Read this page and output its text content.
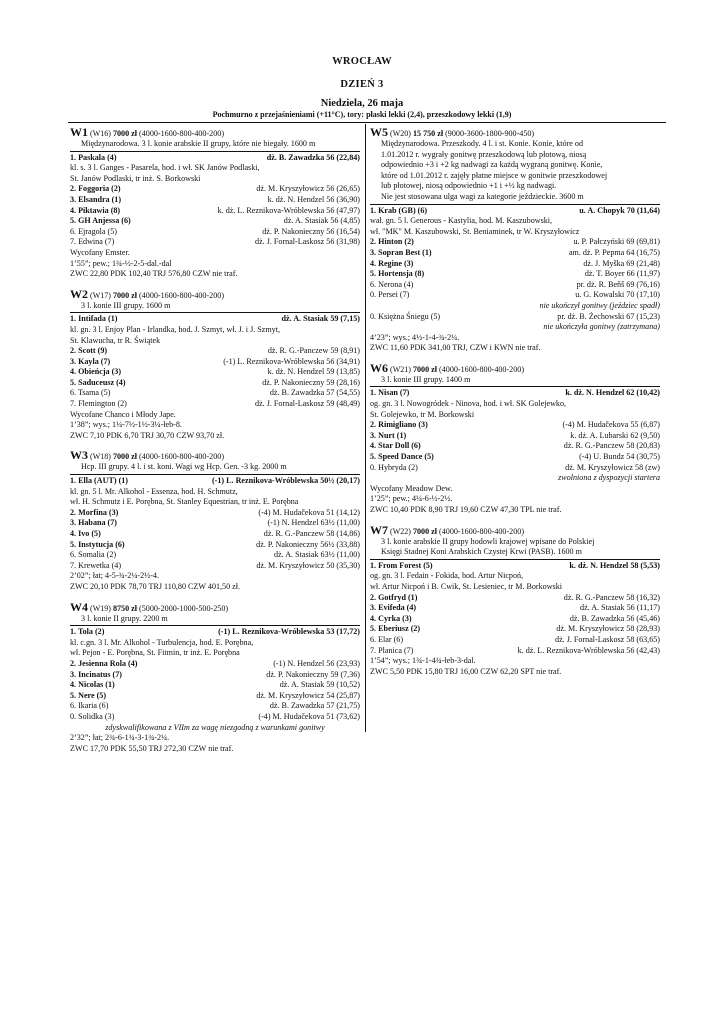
WROCŁAW
DZIEŃ 3
Niedziela, 26 maja
Pochmurno z przejaśnieniami (+11°C), tory: płaski lekki (2,4), przeszkodowy lekki (1,9)
W1 (W16) 7000 zł (4000-1600-800-400-200)
Międzynarodowa. 3 l. konie arabskie II grupy, które nie biegały. 1600 m
1. Paskala (4)	dż. B. Zawadzka 56 (22,84)
kl. s. 3 l. Ganges - Pasarela, hod. i wł. SK Janów Podlaski,
St. Janów Podlaski, tr inż. S. Borkowski
2. Foggoria (2)	dż. M. Kryszyłowicz 56 (26,65)
3. Elsandra (1)	k. dż. N. Hendzel 56 (36,90)
4. Piktawia (8)	k. dż. L. Reznikova-Wróblewska 56 (47,97)
5. GH Anjessa (6)	dż. A. Stasiak 56 (4,85)
6. Ejragola (5)	dż. P. Nakonieczny 56 (16,54)
7. Edwina (7)	dż. J. Fornal-Laskosz 56 (31,98)
Wycofany Emster.
1’55”; pew.; 1¾-½-2-5-dal.-dal
ZWC 22,80 PDK 102,40 TRJ 576,80 CZW nie traf.
W2 (W17) 7000 zł (4000-1600-800-400-200)
3 l. konie III grupy. 1600 m
1. Intifada (1)	dż. A. Stasiak 59 (7,15)
kl. gn. 3 l. Enjoy Plan - Irlandka, hod. J. Szmyt, wł. J. i J. Szmyt,
St. Klawucha, tr R. Świątek
2. Scott (9)	dż. R. G.-Panczew 59 (8,91)
3. Kayla (7)	(-1) L. Reznikova-Wróblewska 56 (34,91)
4. Obieńcja (3)	k. dż. N. Hendzel 59 (13,85)
5. Saduceusz (4)	dż. P. Nakonieczny 59 (28,16)
6. Tsama (5)	dż. B. Zawadzka 57 (54,55)
7. Flemington (2)	dż. J. Fornal-Laskosz 59 (48,49)
Wycofane Chanco i Młody Jape.
1’38”; wys.; 1¼-7½-1½-3¼-łeb-8.
ZWC 7,10 PDK 6,70 TRJ 30,70 CZW 93,70 zł.
W3 (W18) 7000 zł (4000-1600-800-400-200)
Hcp. III grupy. 4 l. i st. koni. Wagi wg Hcp. Gen. -3 kg. 2000 m
1. Ella (AUT) (1)	(-1) L. Reznikova-Wróblewska 50½ (20,17)
kl. gn. 5 l. Mr. Alkohol - Essenza, hod. H. Schmutz,
wł. H. Schmutz i E. Porębna, St. Stanley Equestrian, tr inż. E. Porębna
2. Morfina (3)	(-4) M. Hudačekova 51 (14,12)
3. Habana (7)	(-1) N. Hendzel 63½ (11,00)
4. Ivo (5)	dż. R. G.-Panczew 58 (14,86)
5. Instytucja (6)	dż. P. Nakonieczny 56½ (33,88)
6. Somalia (2)	dż. A. Stasiak 63½ (11,00)
7. Krewetka (4)	dż. M. Kryszyłowicz 50 (35,30)
2’02”; łat; 4-5-¾-2¼-2½-4.
ZWC 20,10 PDK 78,70 TRJ 110,80 CZW 401,50 zł.
W4 (W19) 8750 zł (5000-2000-1000-500-250)
3 l. konie II grupy. 2200 m
1. Tola (2)	(-1) L. Reznikova-Wróblewska 53 (17,72)
kl. c.gn. 3 l. Mr. Alkohol - Turbulencja, hod. E. Porębna,
wł. Pejon - E. Porębna, St. Fitmin, tr inż. E. Porębna
2. Jesienna Rola (4)	(-1) N. Hendzel 56 (23,93)
3. Incinatus (7)	dż. P. Nakonieczny 59 (7,36)
4. Nicolas (1)	dż. A. Stasiak 59 (10,52)
5. Nere (5)	dż. M. Kryszyłowicz 54 (25,87)
6. Ikaria (6)	dż. B. Zawadzka 57 (21,75)
0. Solidka (3)	(-4) M. Hudačekova 51 (73,62)
zdyskwalifikowana z VIIm za wagę niezgodną z warunkami gonitwy
2’32”; łat; 2¾-6-1¾-3-1¾-2¼.
ZWC 17,70 PDK 55,50 TRJ 272,30 CZW nie traf.
W5 (W20) 15 750 zł (9000-3600-1800-900-450)
Międzynarodowa. Przeszkody. 4 l. i st. Konie. Konie, które od
1.01.2012 r. wygrały gonitwę przeszkodową lub płotową, niosą
odpowiednio +3 i +2 kg nadwagi za każdą wygraną gonitwę. Konie,
które od 1.01.2012 r. zajęły płatne miejsce w gonitwie przeszkodowej
lub płotowej, niosą odpowiednio +1 i +½ kg nadwagi.
Nie jest stosowana ulga wagi za kategorie jeździeckie. 3600 m
1. Krab (GB) (6)	u. A. Chopyk 70 (11,64)
wał. gn. 5 l. Generous - Kastylia, hod. M. Kaszubowski,
wł. "MK" M. Kaszubowski, St. Beniaminek, tr W. Kryszyłowicz
2. Hinton (2)	u. P. Pałczyński 69 (69,81)
3. Sopran Best (1)	am. dż. P. Pepma 64 (16,75)
4. Regine (3)	dż. J. Myška 69 (21,48)
5. Hortensja (8)	dż. T. Boyer 66 (11,97)
6. Nerona (4)	pr. dż. R. Beňš 69 (76,16)
0. Persei (7)	u. G. Kowalski 70 (17,10)
nie ukończył gonitwy (jeździec spadł)
0. Księżna Śniegu (5)	pr. dż. B. Żechowski 67 (15,23)
nie ukończyła gonitwy (zatrzymana)
4’23”; wys.; 4½-1-4-¾-2¼.
ZWC 11,60 PDK 341,00 TRJ, CZW i KWN nie traf.
W6 (W21) 7000 zł (4000-1600-800-400-200)
3 l. konie III grupy. 1400 m
1. Nisan (7)	k. dż. N. Hendzel 62 (10,42)
og. gn. 3 l. Nowogródek - Ninova, hod. i wł. SK Golejewko,
St. Golejewko, tr M. Borkowski
2. Rimigliano (3)	(-4) M. Hudačekova 55 (6,87)
3. Nurt (1)	k. dż. A. Lubarski 62 (9,50)
4. Star Doll (6)	dż. R. G.-Panczew 58 (20,83)
5. Speed Dance (5)	(-4) U. Bundz 54 (30,75)
0. Hybryda (2)	dż. M. Kryszyłowicz 58 (zw)
zwolniona z dyspozycji startera
Wycofany Meadow Dew.
1’25”; pew.; 4¼-6-½-2½.
ZWC 10,40 PDK 8,90 TRJ 19,60 CZW 47,30 TPL nie traf.
W7 (W22) 7000 zł (4000-1600-800-400-200)
3 l. konie arabskie II grupy hodowli krajowej wpisane do Polskiej
Księgi Stadnej Koni Arabskich Czystej Krwi (PASB). 1600 m
1. From Forest (5)	k. dż. N. Hendzel 58 (5,53)
og. gn. 3 l. Fedain - Fokida, hod. Artur Nicpoń,
wł. Artur Nicpoń i B. Cwik, St. Lesieniec, tr M. Borkowski
2. Gotfryd (1)	dż. R. G.-Panczew 58 (16,32)
3. Evifeda (4)	dż. A. Stasiak 56 (11,17)
4. Cyrka (3)	dż. B. Zawadzka 56 (45,46)
5. Eberiusz (2)	dż. M. Kryszyłowicz 58 (28,93)
6. Elar (6)	dż. J. Fornal-Laskosz 58 (63,65)
7. Planica (7)	k. dż. L. Reznikova-Wróblewska 56 (42,43)
1’54”; wys.; 1¾-1-4¾-łeb-3-dal.
ZWC 5,50 PDK 15,80 TRJ 16,00 CZW 62,20 SPT nie traf.
